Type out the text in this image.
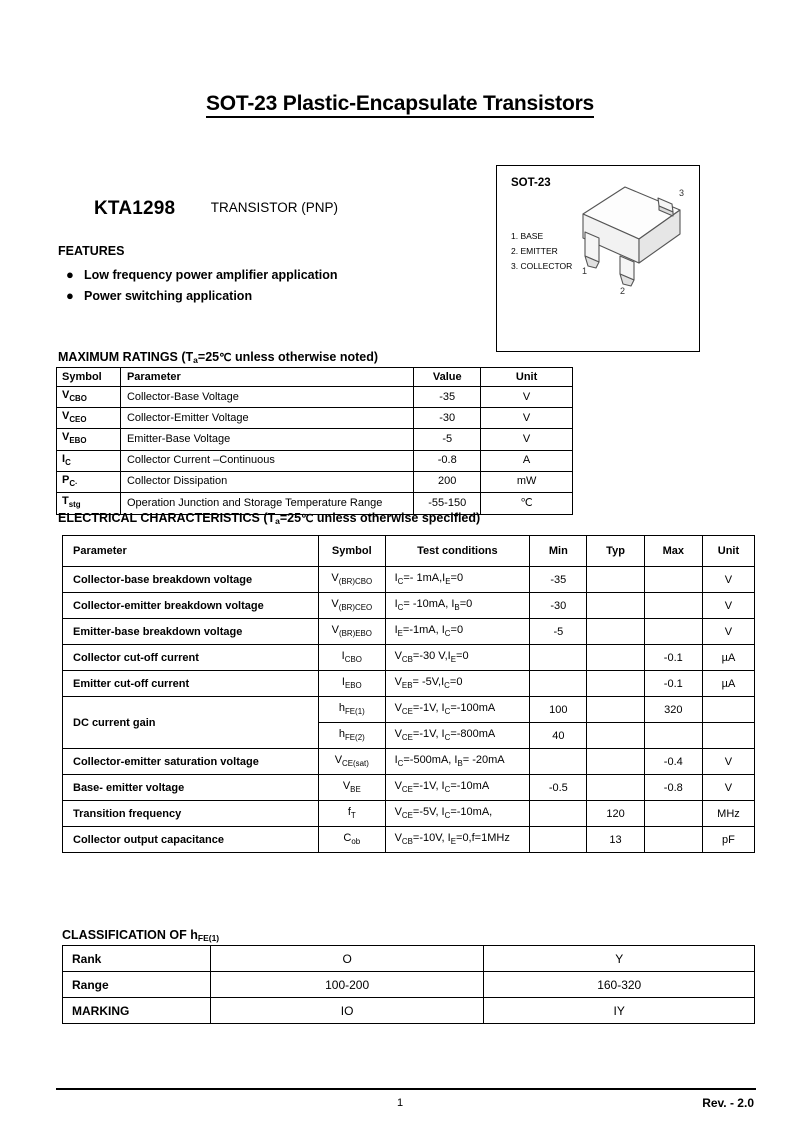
SOT-23 Plastic-Encapsulate Transistors
KTA1298	TRANSISTOR (PNP)
FEATURES
● Low frequency power amplifier application
● Power switching application
SOT-23
1. BASE
2. EMITTER
3. COLLECTOR 1
2
3
MAXIMUM RATINGS ($T_a=25℃$ unless otherwise noted)
Symbol	Parameter	Value	Unit
$V_{CBO}$	Collector-Base Voltage	-35	V
$V_{CEO}$	Collector-Emitter Voltage	-30	V
$V_{EBO}$	Emitter-Base Voltage	-5	V
$I_C$	Collector Current –Continuous	-0.8	A
$P_{C\cdot}$	Collector Dissipation	200	mW
$T_{stg}$	Operation Junction and Storage Temperature Range	-55-150	℃
ELECTRICAL CHARACTERISTICS ($T_a=25℃$ unless otherwise specified)
Parameter	Symbol	Test conditions	Min	Typ	Max	Unit
Collector-base breakdown voltage	$V_{(BR)CBO}$	$I_C=-$ $1mA,I_E=0$	-35			V
Collector-emitter breakdown voltage	$V_{(BR)CEO}$	$I_C= -10mA$, $I_B=0$	-30			V
Emitter-base breakdown voltage	$V_{(BR)EBO}$	$I_E=-1mA$, $I_C=0$	-5			V
Collector cut-off current	$I_{CBO}$	$V_{CB}=-30$ $V,I_E=0$			-0.1	µA
Emitter cut-off current	$I_{EBO}$	$V_{EB}= -5V,I_C=0$			-0.1	µA
DC current gain	$h_{FE(1)}$	$V_{CE}=-1V$, $I_C=-100mA$	100		320	
	$h_{FE(2)}$	$V_{CE}=-1V$, $I_C=-800mA$	40			
Collector-emitter saturation voltage	$V_{CE(sat)}$	$I_C=-500mA$, $I_B= -20mA$			-0.4	V
Base- emitter voltage	$V_{BE}$	$V_{CE}=-1V$, $I_C=-10mA$	-0.5		-0.8	V
Transition frequency	$f_T$	$V_{CE}=-5V$, $I_C=-10mA$,		120		MHz
Collector output capacitance	$C_{ob}$	$V_{CB}=-10V$, $I_E=0,f=1MHz$		13		pF
CLASSIFICATION OF $h_{FE(1)}$
Rank	O	Y
Range	100-200	160-320
MARKING	IO	IY
1	Rev. - 2.0
